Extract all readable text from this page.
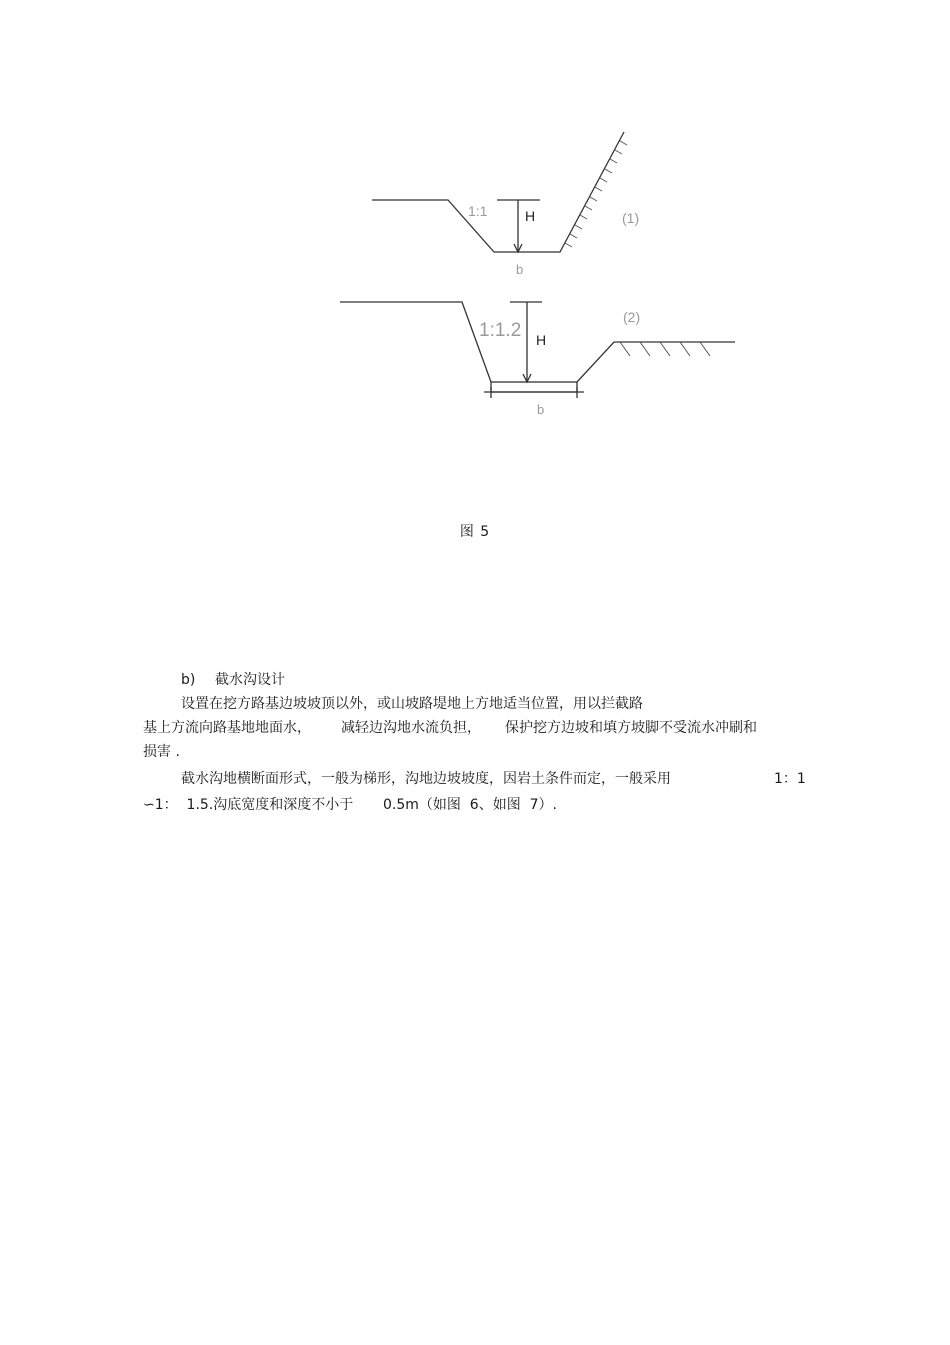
1:1	H
b
(1)
1:1.2 H
b
(2)
图 5
b) 截水沟设计
设置在挖方路基边坡坡顶以外，或山坡路堤地上方地适当位置，用以拦截路
基上方流向路基地地面水， 减轻边沟地水流负担， 保护挖方边坡和填方坡脚不受流水冲刷和
损害 .
截水沟地横断面形式，一般为梯形，沟地边坡坡度，因岩土条件而定，一般采用	1：1
∽1：  1.5.沟底宽度和深度不小于 0.5m（如图  6、如图  7）.
